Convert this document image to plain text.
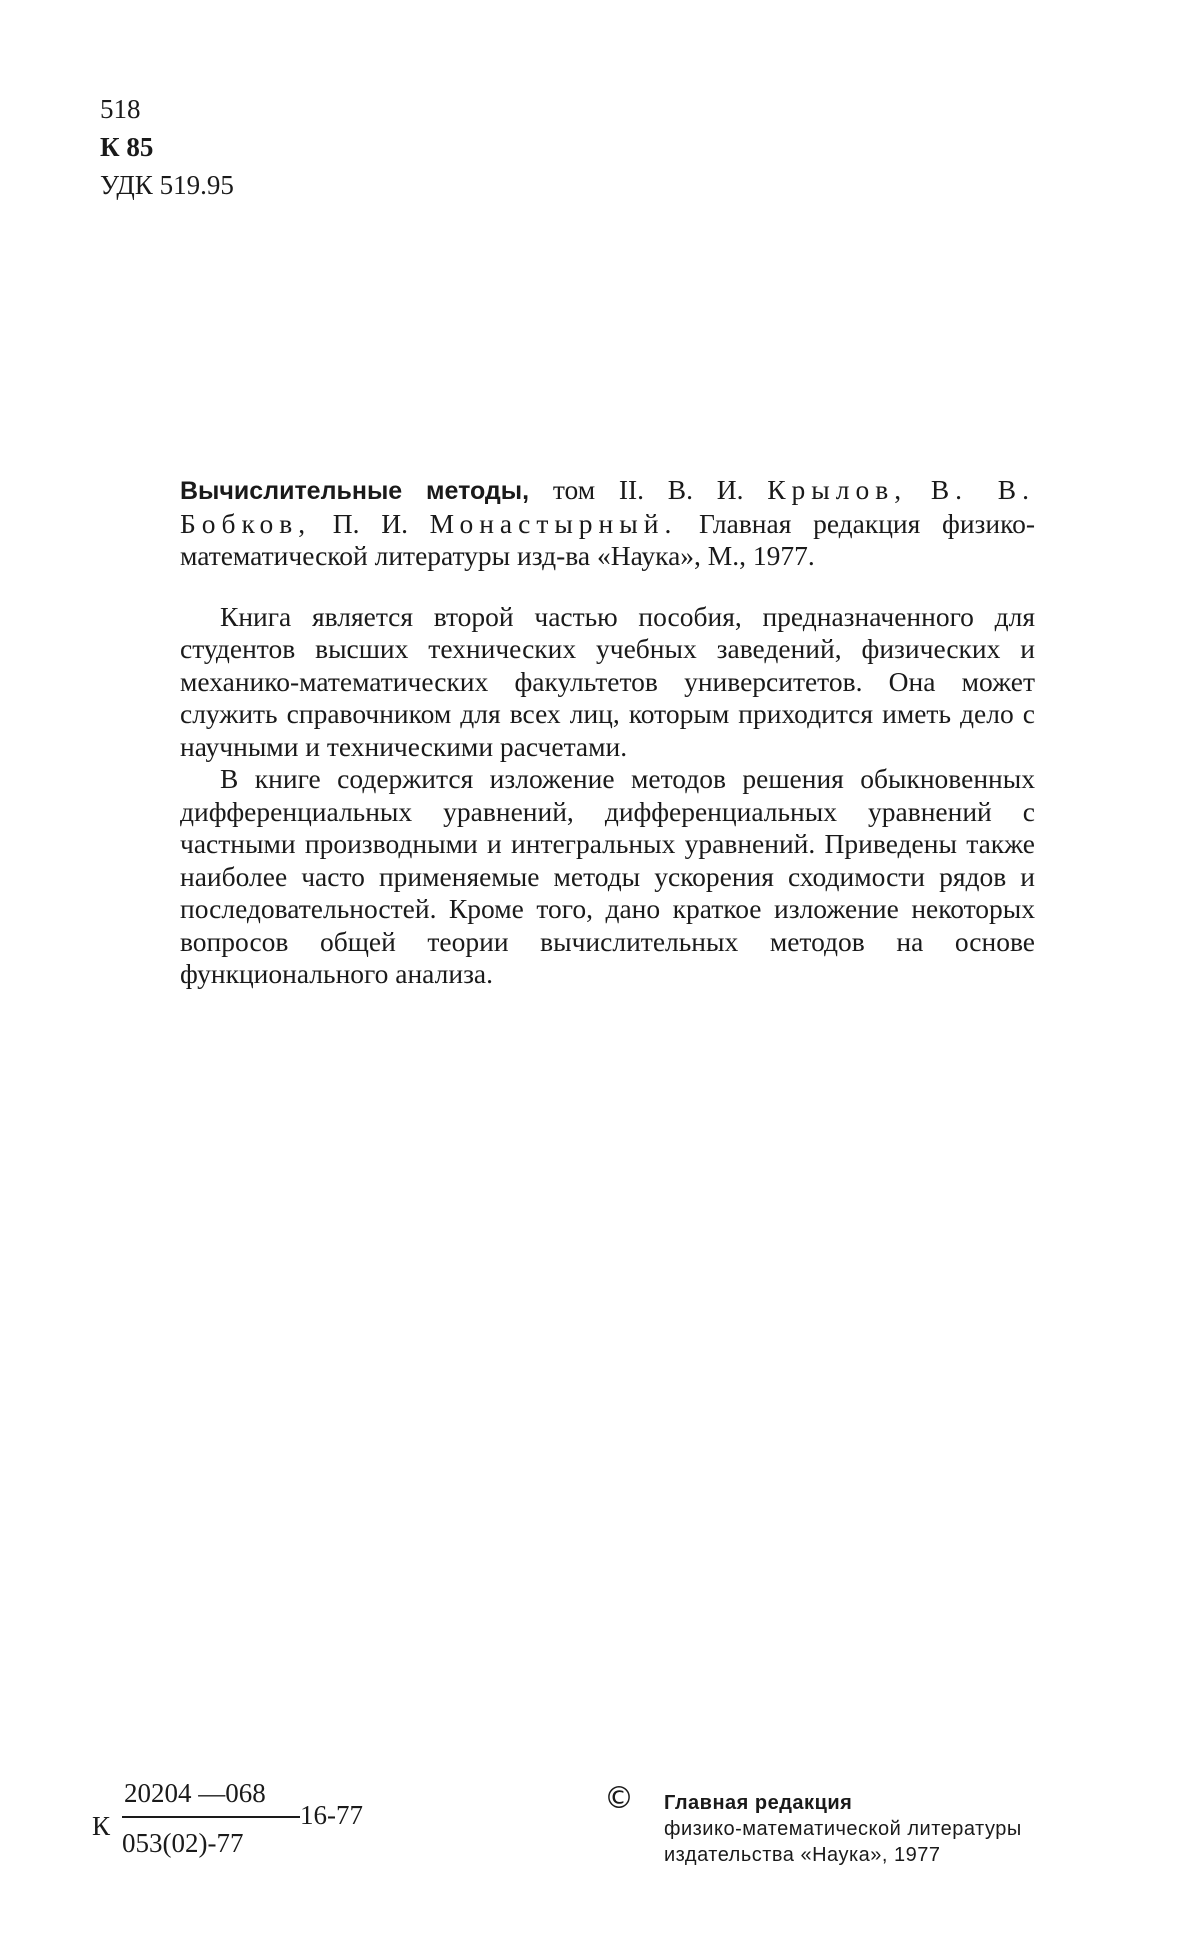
518
К 85
УДК 519.95

Вычислительные методы, том II. В. И. Крылов, В. В. Бобков, П. И. Монастырный. Главная редакция физико-математической литературы изд-ва «Наука», М., 1977.

Книга является второй частью пособия, предназначенного для студентов высших технических учебных заведений, физических и механико-математических факультетов университетов. Она может служить справочником для всех лиц, которым приходится иметь дело с научными и техническими расчетами.

В книге содержится изложение методов решения обыкновенных дифференциальных уравнений, дифференциальных уравнений с частными производными и интегральных уравнений. Приведены также наиболее часто применяемые методы ускорения сходимости рядов и последовательностей. Кроме того, дано краткое изложение некоторых вопросов общей теории вычислительных методов на основе функционального анализа.

К
20204 —068
053(02)-77
16-77	© Главная редакция
физико-математической литературы
издательства «Наука», 1977
